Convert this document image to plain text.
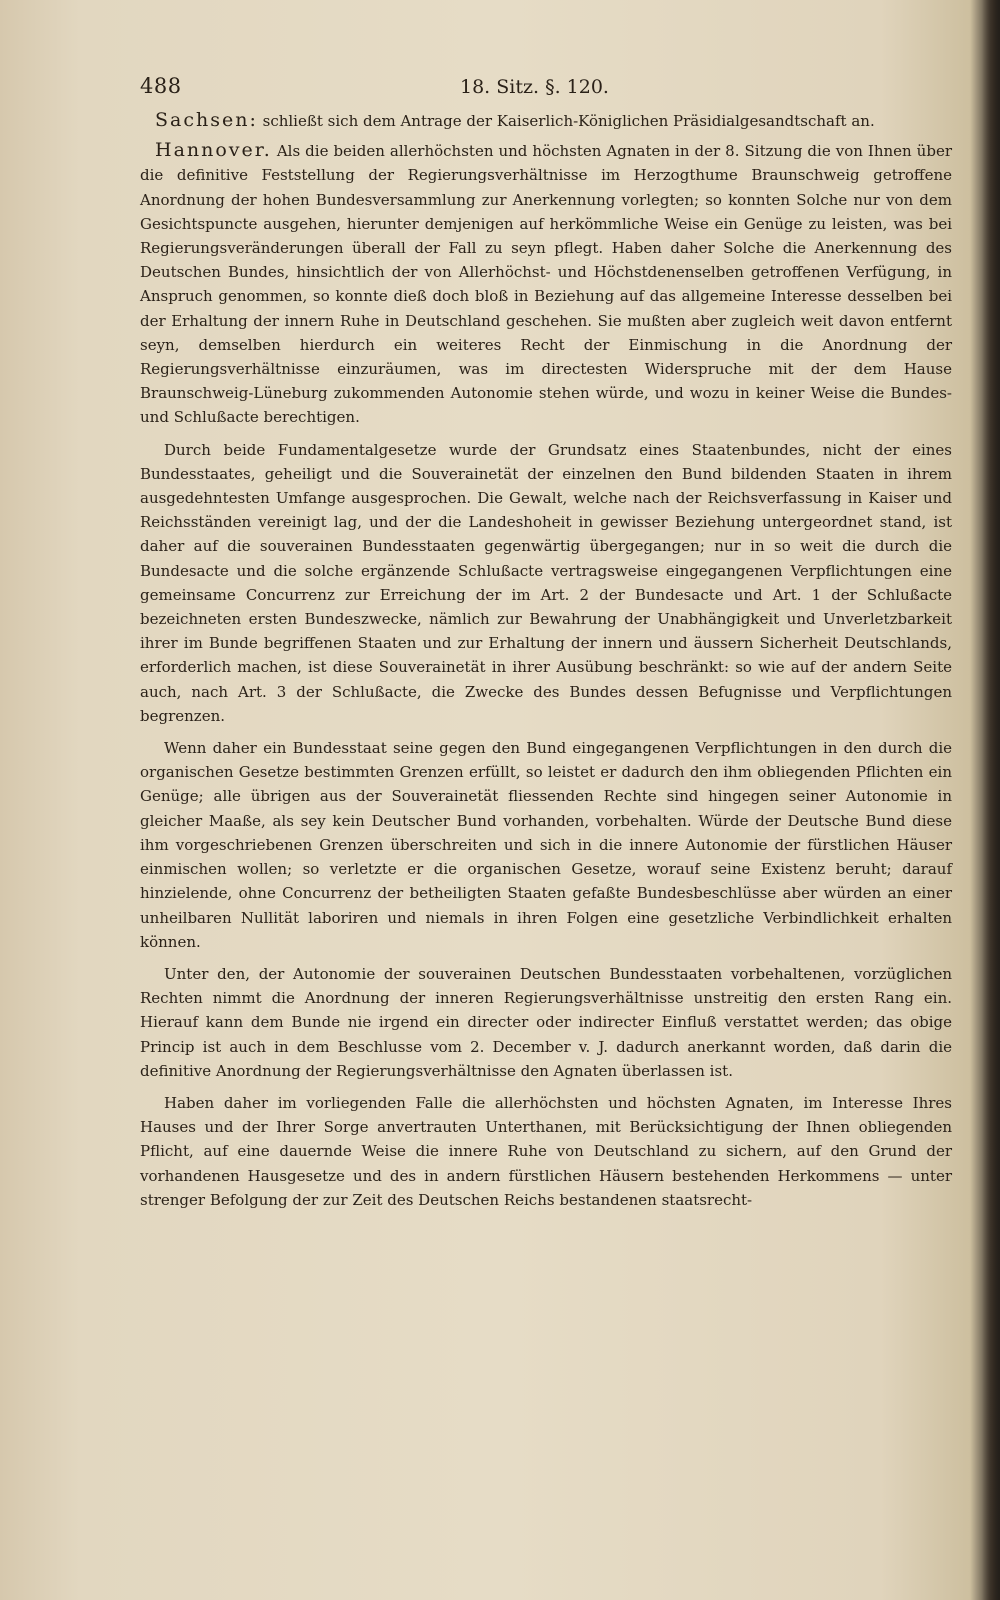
488	18. Sitz. §. 120.

Sachsen: schließt sich dem Antrage der Kaiserlich-Königlichen Präsidialgesandtschaft an.

Hannover. Als die beiden allerhöchsten und höchsten Agnaten in der 8. Sitzung die von Ihnen über die definitive Feststellung der Regierungsverhältnisse im Herzogthume Braunschweig getroffene Anordnung der hohen Bundesversammlung zur Anerkennung vorlegten; so konnten Solche nur von dem Gesichtspuncte ausgehen, hierunter demjenigen auf herkömmliche Weise ein Genüge zu leisten, was bei Regierungsveränderungen überall der Fall zu seyn pflegt. Haben daher Solche die Anerkennung des Deutschen Bundes, hinsichtlich der von Allerhöchst- und Höchstdenenselben getroffenen Verfügung, in Anspruch genommen, so konnte dieß doch bloß in Beziehung auf das allgemeine Interesse desselben bei der Erhaltung der innern Ruhe in Deutschland geschehen. Sie mußten aber zugleich weit davon entfernt seyn, demselben hierdurch ein weiteres Recht der Einmischung in die Anordnung der Regierungsverhältnisse einzuräumen, was im directesten Widerspruche mit der dem Hause Braunschweig-Lüneburg zukommenden Autonomie stehen würde, und wozu in keiner Weise die Bundes- und Schlußacte berechtigen.

Durch beide Fundamentalgesetze wurde der Grundsatz eines Staatenbundes, nicht der eines Bundesstaates, geheiligt und die Souverainetät der einzelnen den Bund bildenden Staaten in ihrem ausgedehntesten Umfange ausgesprochen. Die Gewalt, welche nach der Reichsverfassung in Kaiser und Reichsständen vereinigt lag, und der die Landeshoheit in gewisser Beziehung untergeordnet stand, ist daher auf die souverainen Bundesstaaten gegenwärtig übergegangen; nur in so weit die durch die Bundesacte und die solche ergänzende Schlußacte vertragsweise eingegangenen Verpflichtungen eine gemeinsame Concurrenz zur Erreichung der im Art. 2 der Bundesacte und Art. 1 der Schlußacte bezeichneten ersten Bundeszwecke, nämlich zur Bewahrung der Unabhängigkeit und Unverletzbarkeit ihrer im Bunde begriffenen Staaten und zur Erhaltung der innern und äussern Sicherheit Deutschlands, erforderlich machen, ist diese Souverainetät in ihrer Ausübung beschränkt: so wie auf der andern Seite auch, nach Art. 3 der Schlußacte, die Zwecke des Bundes dessen Befugnisse und Verpflichtungen begrenzen.

Wenn daher ein Bundesstaat seine gegen den Bund eingegangenen Verpflichtungen in den durch die organischen Gesetze bestimmten Grenzen erfüllt, so leistet er dadurch den ihm obliegenden Pflichten ein Genüge; alle übrigen aus der Souverainetät fliessenden Rechte sind hingegen seiner Autonomie in gleicher Maaße, als sey kein Deutscher Bund vorhanden, vorbehalten. Würde der Deutsche Bund diese ihm vorgeschriebenen Grenzen überschreiten und sich in die innere Autonomie der fürstlichen Häuser einmischen wollen; so verletzte er die organischen Gesetze, worauf seine Existenz beruht; darauf hinzielende, ohne Concurrenz der betheiligten Staaten gefaßte Bundesbeschlüsse aber würden an einer unheilbaren Nullität laboriren und niemals in ihren Folgen eine gesetzliche Verbindlichkeit erhalten können.

Unter den, der Autonomie der souverainen Deutschen Bundesstaaten vorbehaltenen, vorzüglichen Rechten nimmt die Anordnung der inneren Regierungsverhältnisse unstreitig den ersten Rang ein. Hierauf kann dem Bunde nie irgend ein directer oder indirecter Einfluß verstattet werden; das obige Princip ist auch in dem Beschlusse vom 2. December v. J. dadurch anerkannt worden, daß darin die definitive Anordnung der Regierungsverhältnisse den Agnaten überlassen ist.

Haben daher im vorliegenden Falle die allerhöchsten und höchsten Agnaten, im Interesse Ihres Hauses und der Ihrer Sorge anvertrauten Unterthanen, mit Berücksichtigung der Ihnen obliegenden Pflicht, auf eine dauernde Weise die innere Ruhe von Deutschland zu sichern, auf den Grund der vorhandenen Hausgesetze und des in andern fürstlichen Häusern bestehenden Herkommens — unter strenger Befolgung der zur Zeit des Deutschen Reichs bestandenen staatsrecht-
